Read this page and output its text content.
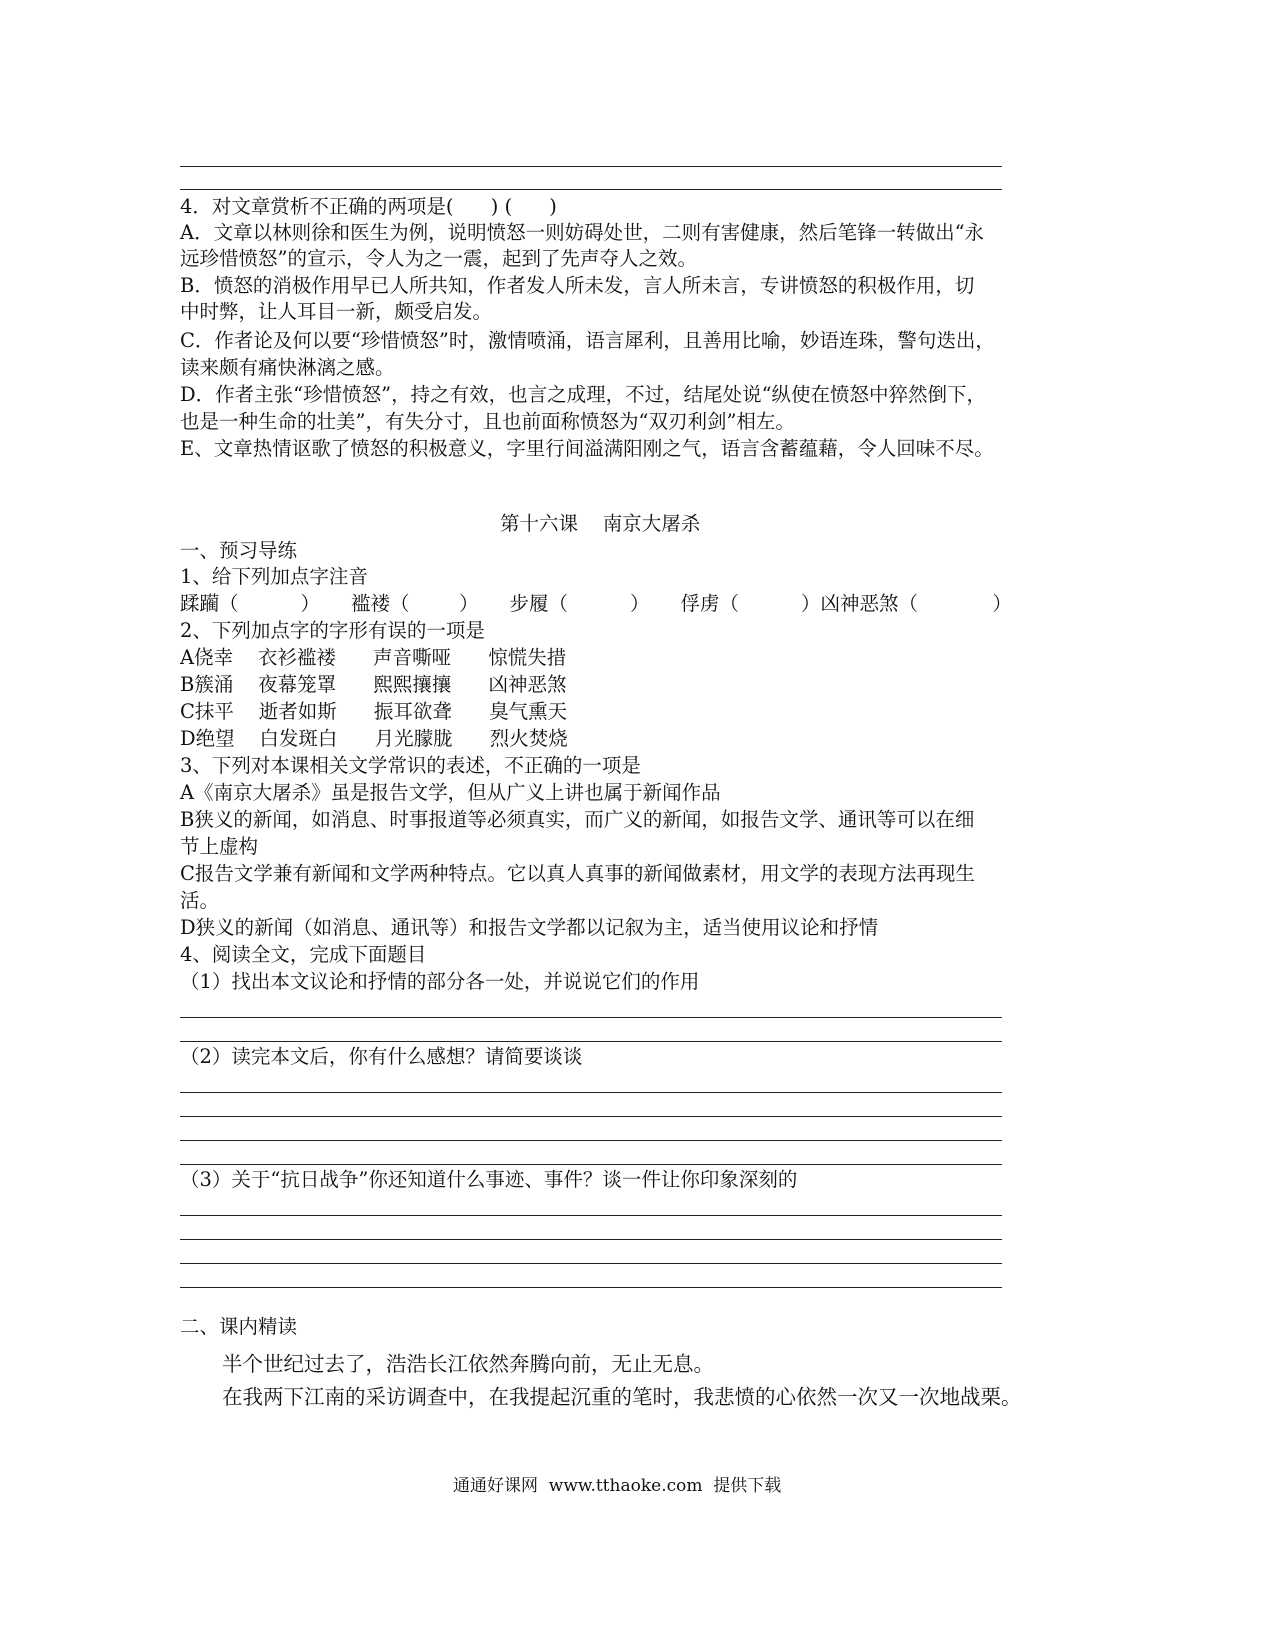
4．对文章赏析不正确的两项是(      ) (      )
A．文章以林则徐和医生为例，说明愤怒一则妨碍处世，二则有害健康，然后笔锋一转做出“永
远珍惜愤怒”的宣示，令人为之一震，起到了先声夺人之效。
B．愤怒的消极作用早已人所共知，作者发人所未发，言人所未言，专讲愤怒的积极作用，切
中时弊，让人耳目一新，颇受启发。
C．作者论及何以要“珍惜愤怒”时，激情喷涌，语言犀利，且善用比喻，妙语连珠，警句迭出，
读来颇有痛快淋漓之感。
D．作者主张“珍惜愤怒”，持之有效，也言之成理，不过，结尾处说“纵使在愤怒中猝然倒下，
也是一种生命的壮美”，有失分寸，且也前面称愤怒为“双刃利剑”相左。
E、文章热情讴歌了愤怒的积极意义，字里行间溢满阳刚之气，语言含蓄蕴藉，令人回味不尽。
第十六课    南京大屠杀
一、预习导练
1、给下列加点字注音
蹂躏（          ）     褴褛（        ）     步履（          ）     俘虏（          ）凶神恶煞（            ）
2、下列加点字的字形有误的一项是
A侥幸    衣衫褴褛      声音嘶哑      惊慌失措
B簇涌    夜幕笼罩      熙熙攘攘      凶神恶煞
C抹平    逝者如斯      振耳欲聋      臭气熏天
D绝望    白发斑白      月光朦胧      烈火焚烧
3、下列对本课相关文学常识的表述，不正确的一项是
A《南京大屠杀》虽是报告文学，但从广义上讲也属于新闻作品
B狭义的新闻，如消息、时事报道等必须真实，而广义的新闻，如报告文学、通讯等可以在细
节上虚构
C报告文学兼有新闻和文学两种特点。它以真人真事的新闻做素材，用文学的表现方法再现生
活。
D狭义的新闻（如消息、通讯等）和报告文学都以记叙为主，适当使用议论和抒情
4、阅读全文，完成下面题目
（1）找出本文议论和抒情的部分各一处，并说说它们的作用
（2）读完本文后，你有什么感想？请简要谈谈
（3）关于“抗日战争”你还知道什么事迹、事件？谈一件让你印象深刻的
二、课内精读
半个世纪过去了，浩浩长江依然奔腾向前，无止无息。
在我两下江南的采访调查中，在我提起沉重的笔时，我悲愤的心依然一次又一次地战栗。
通通好课网  www.tthaoke.com  提供下载
